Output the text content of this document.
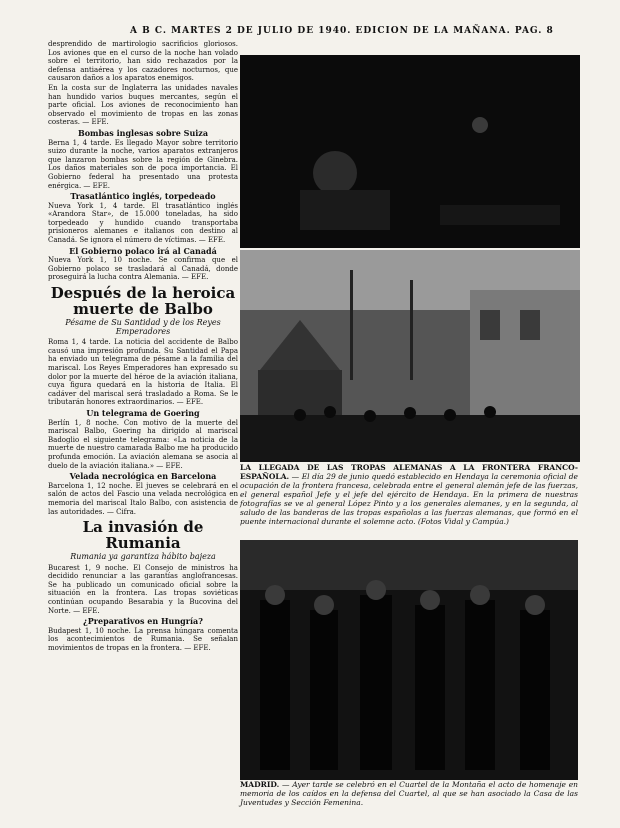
A B C. MARTES 2 DE JULIO DE 1940. EDICION DE LA MAÑANA. PAG. 8

desprendido de martirologio sacrificios gloriosos. Los aviones que en el curso de la noche han volado sobre el territorio, han sido rechazados por la defensa antiaérea y los cazadores nocturnos, que causaron daños a los aparatos enemigos.

En la costa sur de Inglaterra las unidades navales han hundido varios buques mercantes, según el parte oficial. Los aviones de reconocimiento han observado el movimiento de tropas en las zonas costeras. — EFE.

Bombas inglesas sobre Suiza

Berna 1, 4 tarde. Es llegado Mayor sobre territorio suizo durante la noche, varios aparatos extranjeros que lanzaron bombas sobre la región de Ginebra. Los daños materiales son de poca importancia. El Gobierno federal ha presentado una protesta enérgica. — EFE.

Trasatlántico inglés, torpedeado

Nueva York 1, 4 tarde. El trasatlántico inglés «Arandora Star», de 15.000 toneladas, ha sido torpedeado y hundido cuando transportaba prisioneros alemanes e italianos con destino al Canadá. Se ignora el número de víctimas. — EFE.

El Gobierno polaco irá al Canadá

Nueva York 1, 10 noche. Se confirma que el Gobierno polaco se trasladará al Canadá, donde proseguirá la lucha contra Alemania. — EFE.

Después de la heroica muerte de Balbo
Pésame de Su Santidad y de los Reyes Emperadores

Roma 1, 4 tarde. La noticia del accidente de Balbo causó una impresión profunda. Su Santidad el Papa ha enviado un telegrama de pésame a la familia del mariscal. Los Reyes Emperadores han expresado su dolor por la muerte del héroe de la aviación italiana, cuya figura quedará en la historia de Italia. El cadáver del mariscal será trasladado a Roma. Se le tributarán honores extraordinarios. — EFE.

Un telegrama de Goering

Berlín 1, 8 noche. Con motivo de la muerte del mariscal Balbo, Goering ha dirigido al mariscal Badoglio el siguiente telegrama: «La noticia de la muerte de nuestro camarada Balbo me ha producido profunda emoción. La aviación alemana se asocia al duelo de la aviación italiana.» — EFE.

Velada necrológica en Barcelona

Barcelona 1, 12 noche. El jueves se celebrará en el salón de actos del Fascio una velada necrológica en memoria del mariscal Italo Balbo, con asistencia de las autoridades. — Cifra.

La invasión de Rumania
Rumania ya garantiza hábito bajeza

Bucarest 1, 9 noche. El Consejo de ministros ha decidido renunciar a las garantías anglofrancesas. Se ha publicado un comunicado oficial sobre la situación en la frontera. Las tropas soviéticas continúan ocupando Besarabia y la Bucovina del Norte. — EFE.

¿Preparativos en Hungría?

Budapest 1, 10 noche. La prensa húngara comenta los acontecimientos de Rumania. Se señalan movimientos de tropas en la frontera. — EFE.

LA LLEGADA DE LAS TROPAS ALEMANAS A LA FRONTERA FRANCO-ESPAÑOLA. — El día 29 de junio quedó establecido en Hendaya la ceremonia oficial de ocupación de la frontera francesa, celebrada entre el general alemán jefe de las fuerzas, el general español Jefe y el jefe del ejército de Hendaya. En la primera de nuestras fotografías se ve al general López Pinto y a los generales alemanes, y en la segunda, al saludo de las banderas de las tropas españolas a las fuerzas alemanas, que formó en el puente internacional durante el solemne acto. (Fotos Vidal y Campúa.)
MADRID. — Ayer tarde se celebró en el Cuartel de la Montaña el acto de homenaje en memoria de los caídos en la defensa del Cuartel, al que se han asociado la Casa de las Juventudes y Sección Femenina.
